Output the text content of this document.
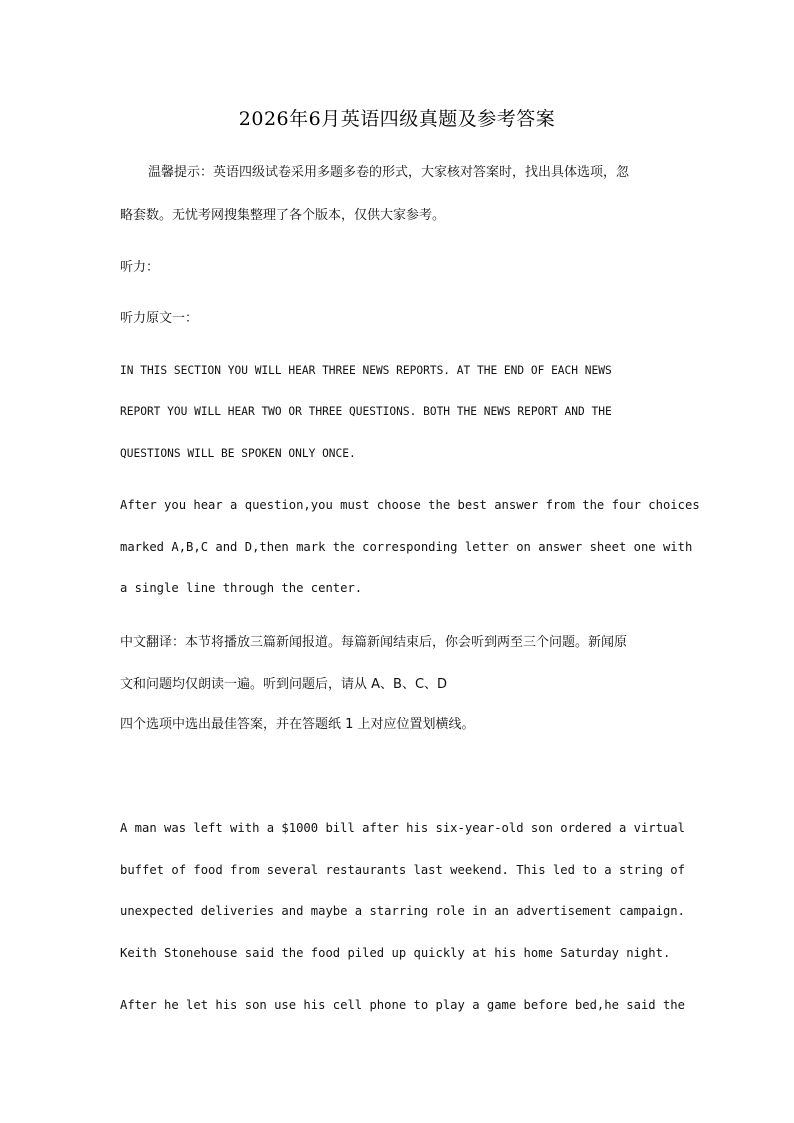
2026年6月英语四级真题及参考答案
温馨提示：英语四级试卷采用多题多卷的形式，大家核对答案时，找出具体选项，忽
略套数。无忧考网搜集整理了各个版本，仅供大家参考。
听力：
听力原文一：
IN THIS SECTION YOU WILL HEAR THREE NEWS REPORTS. AT THE END OF EACH NEWS
REPORT YOU WILL HEAR TWO OR THREE QUESTIONS. BOTH THE NEWS REPORT AND THE
QUESTIONS WILL BE SPOKEN ONLY ONCE.
After you hear a question,you must choose the best answer from the four choices
marked A,B,C and D,then mark the corresponding letter on answer sheet one with
a single line through the center.
中文翻译：本节将播放三篇新闻报道。每篇新闻结束后，你会听到两至三个问题。新闻原
文和问题均仅朗读一遍。听到问题后，请从 A、B、C、D
四个选项中选出最佳答案，并在答题纸 1 上对应位置划横线。
A man was left with a $1000 bill after his six-year-old son ordered a virtual
buffet of food from several restaurants last weekend. This led to a string of
unexpected deliveries and maybe a starring role in an advertisement campaign.
Keith Stonehouse said the food piled up quickly at his home Saturday night.
After he let his son use his cell phone to play a game before bed,he said the
